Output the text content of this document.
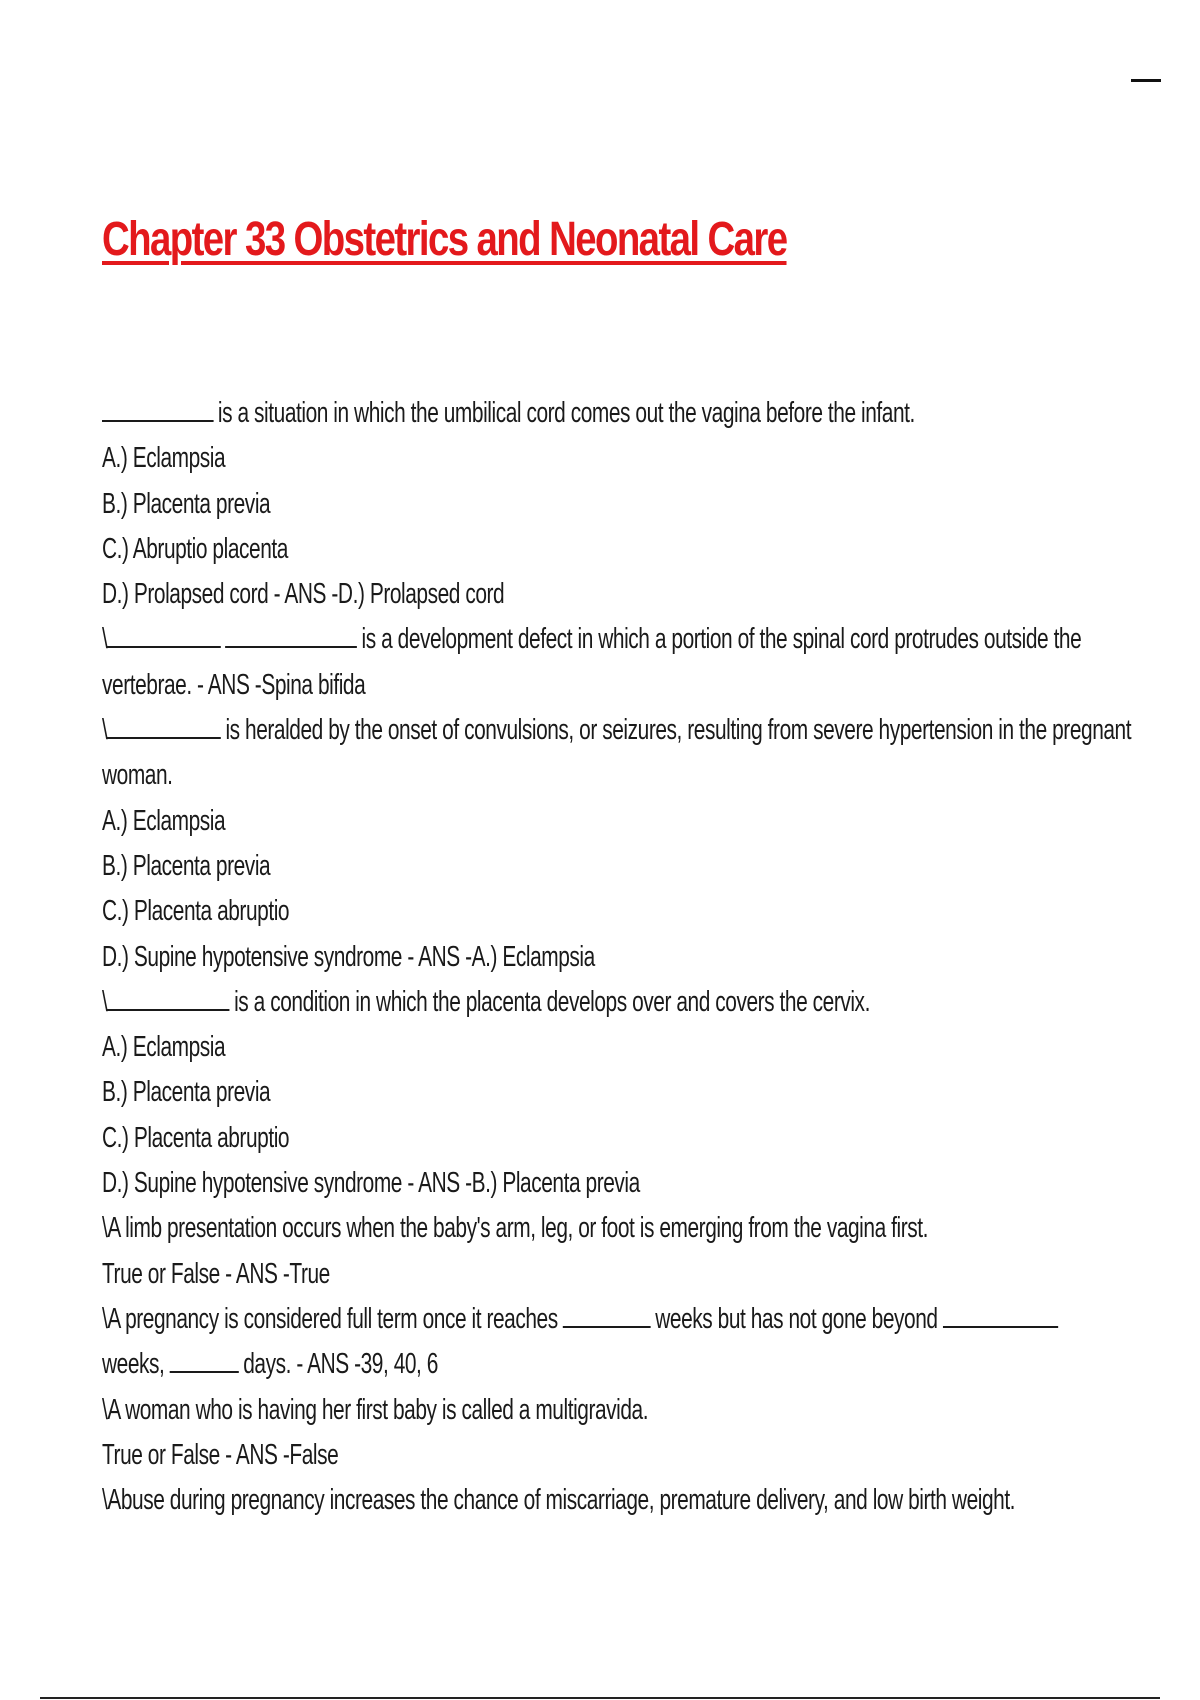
Chapter 33 Obstetrics and Neonatal Care
is a situation in which the umbilical cord comes out the vagina before the infant.
A.) Eclampsia
B.) Placenta previa
C.) Abruptio placenta
D.) Prolapsed cord - ANS -D.) Prolapsed cord
\	is a development defect in which a portion of the spinal cord protrudes outside the
vertebrae. - ANS -Spina bifida
\	is heralded by the onset of convulsions, or seizures, resulting from severe hypertension in the pregnant
woman.
A.) Eclampsia
B.) Placenta previa
C.) Placenta abruptio
D.) Supine hypotensive syndrome - ANS -A.) Eclampsia
\	is a condition in which the placenta develops over and covers the cervix.
A.) Eclampsia
B.) Placenta previa
C.) Placenta abruptio
D.) Supine hypotensive syndrome - ANS -B.) Placenta previa
\A limb presentation occurs when the baby's arm, leg, or foot is emerging from the vagina first.
True or False - ANS -True
\A pregnancy is considered full term once it reaches	weeks but has not gone beyond
weeks,	days. - ANS -39, 40, 6
\A woman who is having her first baby is called a multigravida.
True or False - ANS -False
\Abuse during pregnancy increases the chance of miscarriage, premature delivery, and low birth weight.
